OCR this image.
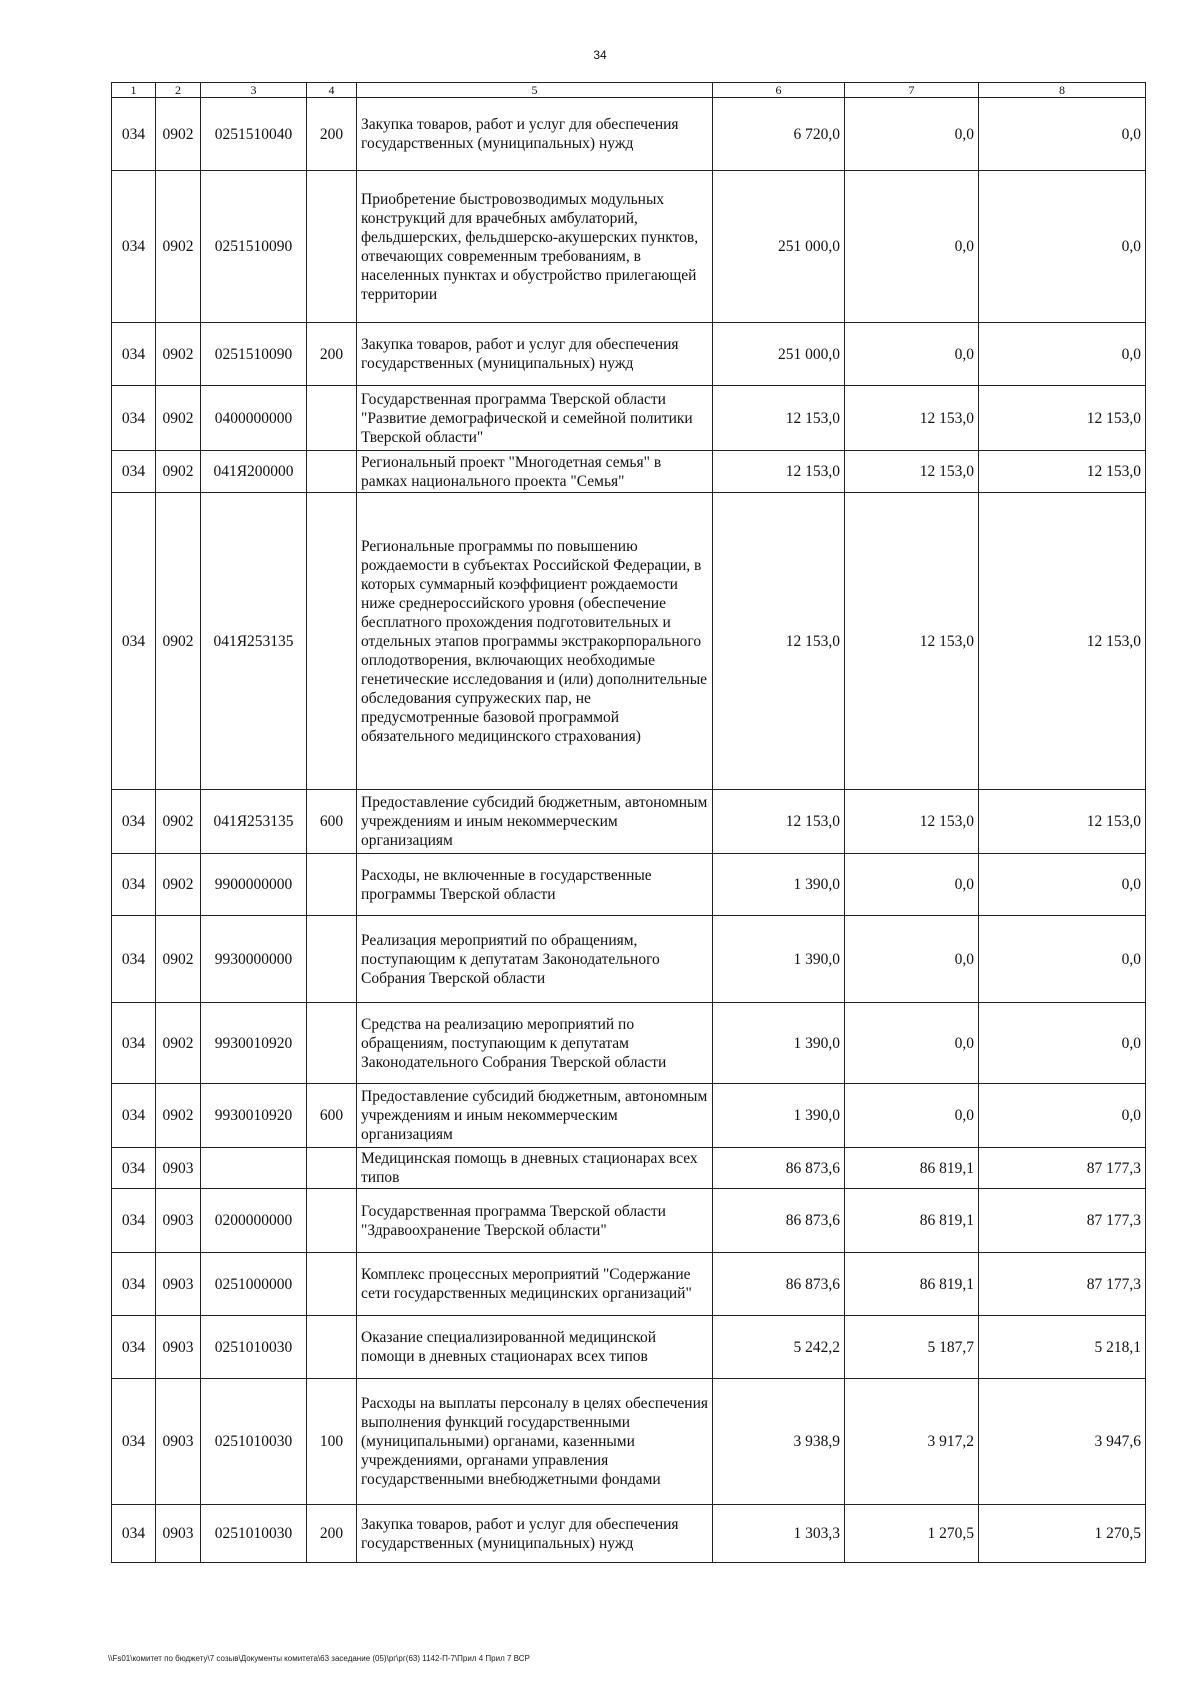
34
1	2	3	4	5	6	7	8
034	0902	0251510040	200	Закупка товаров, работ и услуг для обеспечения государственных (муниципальных) нужд	6 720,0	0,0	0,0
034	0902	0251510090		Приобретение быстровозводимых модульных конструкций для врачебных амбулаторий, фельдшерских, фельдшерско-акушерских пунктов, отвечающих современным требованиям, в населенных пунктах и обустройство прилегающей территории	251 000,0	0,0	0,0
034	0902	0251510090	200	Закупка товаров, работ и услуг для обеспечения государственных (муниципальных) нужд	251 000,0	0,0	0,0
034	0902	0400000000		Государственная программа Тверской области "Развитие демографической и семейной политики Тверской области"	12 153,0	12 153,0	12 153,0
034	0902	041Я200000		Региональный проект "Многодетная семья" в рамках национального проекта "Семья"	12 153,0	12 153,0	12 153,0
034	0902	041Я253135		Региональные программы по повышению рождаемости в субъектах Российской Федерации, в которых суммарный коэффициент рождаемости ниже среднероссийского уровня (обеспечение бесплатного прохождения подготовительных и отдельных этапов программы экстракорпорального оплодотворения, включающих необходимые генетические исследования и (или) дополнительные обследования супружеских пар, не предусмотренные базовой программой обязательного медицинского страхования)	12 153,0	12 153,0	12 153,0
034	0902	041Я253135	600	Предоставление субсидий бюджетным, автономным учреждениям и иным некоммерческим организациям	12 153,0	12 153,0	12 153,0
034	0902	9900000000		Расходы, не включенные в государственные программы Тверской области	1 390,0	0,0	0,0
034	0902	9930000000		Реализация мероприятий по обращениям, поступающим к депутатам Законодательного Собрания Тверской области	1 390,0	0,0	0,0
034	0902	9930010920		Средства на реализацию мероприятий по обращениям, поступающим к депутатам Законодательного Собрания Тверской области	1 390,0	0,0	0,0
034	0902	9930010920	600	Предоставление субсидий бюджетным, автономным учреждениям и иным некоммерческим организациям	1 390,0	0,0	0,0
034	0903			Медицинская помощь в дневных стационарах всех типов	86 873,6	86 819,1	87 177,3
034	0903	0200000000		Государственная программа Тверской области "Здравоохранение Тверской области"	86 873,6	86 819,1	87 177,3
034	0903	0251000000		Комплекс процессных мероприятий "Содержание сети государственных медицинских организаций"	86 873,6	86 819,1	87 177,3
034	0903	0251010030		Оказание специализированной медицинской помощи в дневных стационарах всех типов	5 242,2	5 187,7	5 218,1
034	0903	0251010030	100	Расходы на выплаты персоналу в целях обеспечения выполнения функций государственными (муниципальными) органами, казенными учреждениями, органами управления государственными внебюджетными фондами	3 938,9	3 917,2	3 947,6
034	0903	0251010030	200	Закупка товаров, работ и услуг для обеспечения государственных (муниципальных) нужд	1 303,3	1 270,5	1 270,5
\\Fs01\комитет по бюджету\7 созыв\Документы комитета\63 заседание (05)\рг\рг(63) 1142-П-7\Прил 4 Прил 7 ВСР
